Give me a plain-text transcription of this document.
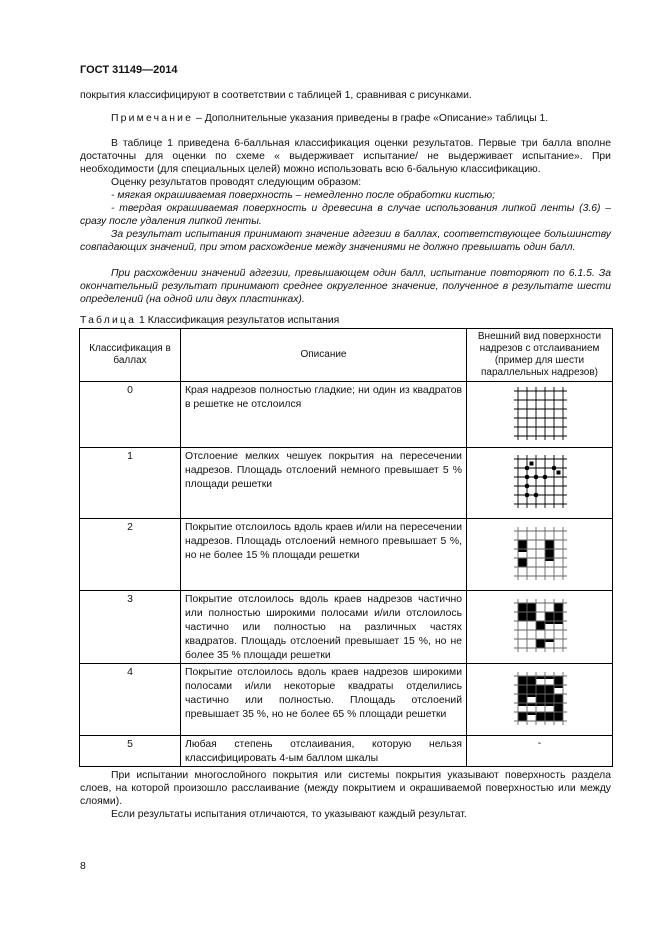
ГОСТ 31149—2014
покрытия классифицируют в соответствии с таблицей 1, сравнивая с рисунками.
Примечание – Дополнительные указания приведены в графе «Описание» таблицы 1.
В таблице 1 приведена 6-балльная классификация оценки результатов. Первые три балла вполне достаточны для оценки по схеме « выдерживает испытание/ не выдерживает испытание». При необходимости (для специальных целей) можно использовать всю 6-бальную классификацию.
Оценку результатов проводят следующим образом:
- мягкая окрашиваемая поверхность – немедленно после обработки кистью;
- твердая окрашиваемая поверхность и древесина в случае использования липкой ленты (3.6) – сразу после удаления липкой ленты.
За результат испытания принимают значение адгезии в баллах, соответствующее большинству совпадающих значений, при этом расхождение между значениями не должно превышать один балл.
При расхождении значений адгезии, превышающем один балл, испытание повторяют по 6.1.5. За окончательный результат принимают среднее округленное значение, полученное в результате шести определений (на одной или двух пластинках).
Таблица 1 Классификация результатов испытания
Классификация в баллах	Описание	Внешний вид поверхности надрезов с отслаиванием (пример для шести параллельных надрезов)
0	Края надрезов полностью гладкие; ни один из квадратов в решетке не отслоился	
1	Отслоение мелких чешуек покрытия на пересечении надрезов. Площадь отслоений немного превышает 5 % площади решетки	
2	Покрытие отслоилось вдоль краев и/или на пересечении надрезов. Площадь отслоений немного превышает 5 %, но не более 15 % площади решетки	
3	Покрытие отслоилось вдоль краев надрезов частично или полностью широкими полосами и/или отслоилось частично или полностью на различных частях квадратов. Площадь отслоений превышает 15 %, но не более 35 % площади решетки	
4	Покрытие отслоилось вдоль краев надрезов широкими полосами и/или некоторые квадраты отделились частично или полностью. Площадь отслоений превышает 35 %, но не более 65 % площади решетки	
5	Любая степень отслаивания, которую нельзя классифицировать 4-ым баллом шкалы	-
При испытании многослойного покрытия или системы покрытия указывают поверхность раздела слоев, на которой произошло расслаивание (между покрытием и окрашиваемой поверхностью или между слоями).
Если результаты испытания отличаются, то указывают каждый результат.
8
